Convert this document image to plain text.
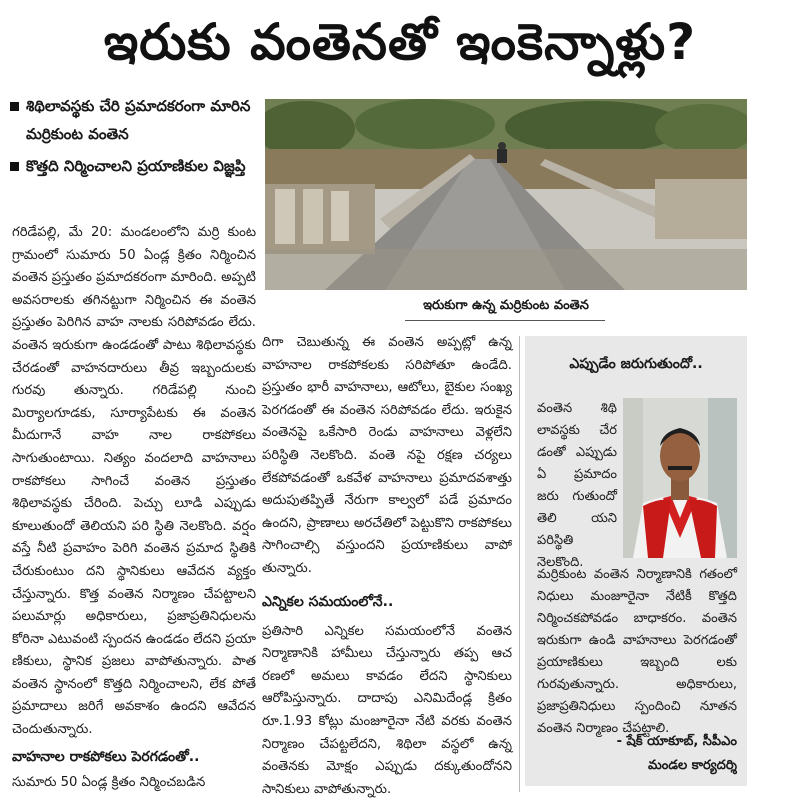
ఇరుకు వంతెనతో ఇంకెన్నాళ్లు?
శిథిలావస్థకు చేరి ప్రమాదకరంగా మారిన మర్రికుంట వంతెన
కొత్తది నిర్మించాలని ప్రయాణికుల విజ్ఞప్తి
ఇరుకుగా ఉన్న మర్రికుంట వంతెన
గరిడేపల్లి, మే 20: మండలంలోని మర్రి కుంట గ్రామంలో సుమారు 50 ఏండ్ల క్రితం నిర్మించిన వంతెన ప్రస్తుతం ప్రమాదకరంగా మారింది. అప్పటి అవసరాలకు తగినట్టుగా నిర్మించిన ఈ వంతెన ప్రస్తుతం పెరిగిన వాహ నాలకు సరిపోవడం లేదు. వంతెన ఇరుకుగా ఉండడంతో పాటు శిథిలావస్థకు చేరడంతో వాహనదారులు తీవ్ర ఇబ్బందులకు గురవు తున్నారు. గరిడేపల్లి నుంచి మిర్యాలగూడకు, సూర్యాపేటకు ఈ వంతెన మీదుగానే వాహ నాల రాకపోకలు సాగుతుంటాయి. నిత్యం వందలాది వాహనాలు రాకపోకలు సాగించే వంతెన ప్రస్తుతం శిథిలావస్థకు చేరింది. పెచ్చు లూడి ఎప్పుడు కూలుతుందో తెలియని పరి స్థితి నెలకొంది. వర్షం వస్తే నీటి ప్రవాహం పెరిగి వంతెన ప్రమాద స్థితికి చేరుకుంటుం దని స్థానికులు ఆవేదన వ్యక్తం చేస్తున్నారు. కొత్త వంతెన నిర్మాణం చేపట్టాలని పలుమార్లు అధికారులు, ప్రజాప్రతినిధులను కోరినా ఎటువంటి స్పందన ఉండడం లేదని ప్రయా ణికులు, స్థానిక ప్రజలు వాపోతున్నారు. పాత వంతెన స్థానంలో కొత్తది నిర్మించాలని, లేక పోతే ప్రమాదాలు జరిగే అవకాశం ఉందని ఆవేదన చెందుతున్నారు.
వాహనాల రాకపోకలు పెరగడంతో..
సుమారు 50 ఏండ్ల క్రితం నిర్మించబడిన
దిగా చెబుతున్న ఈ వంతెన అప్పట్లో ఉన్న వాహనాల రాకపోకలకు సరిపోతూ ఉండేది. ప్రస్తుతం భారీ వాహనాలు, ఆటోలు, బైకుల సంఖ్య పెరగడంతో ఈ వంతెన సరిపోవడం లేదు. ఇరుకైన వంతెనపై ఒకేసారి రెండు వాహనాలు వెళ్లలేని పరిస్థితి నెలకొంది. వంతె నపై రక్షణ చర్యలు లేకపోవడంతో ఒకవేళ వాహనాలు ప్రమాదవశాత్తు అదుపుతప్పితే నేరుగా కాల్వలో పడే ప్రమాదం ఉందని, ప్రాణాలు అరచేతిలో పెట్టుకొని రాకపోకలు సాగించాల్సి వస్తుందని ప్రయాణికులు వాపో తున్నారు.
ఎన్నికల సమయంలోనే..
ప్రతిసారి ఎన్నికల సమయంలోనే వంతెన నిర్మాణానికి హామీలు చేస్తున్నారు తప్ప ఆచ రణలో అమలు కావడం లేదని స్థానికులు ఆరోపిస్తున్నారు. దాదాపు ఎనిమిదేండ్ల క్రితం రూ.1.93 కోట్లు మంజూరైనా నేటి వరకు వంతెన నిర్మాణం చేపట్టలేదని, శిథిలా వస్థలో ఉన్న వంతెనకు మోక్షం ఎప్పుడు దక్కుతుందోనని సానికులు వాపోతున్నారు.
ఎప్పుడేం జరుగుతుందో..
వంతెన శిథి లావస్థకు చేర డంతో ఎప్పుడు ఏ ప్రమాదం జరు గుతుందో తెలి యని పరిస్థితి నెలకొంది.
మర్రికుంట వంతెన నిర్మాణానికి గతంలో నిధులు మంజూరైనా నేటికీ కొత్తది నిర్మించకపోవడం బాధాకరం. వంతెన ఇరుకుగా ఉండి వాహనాలు పెరగడంతో ప్రయాణికులు ఇబ్బంది లకు గురవుతున్నారు. అధికారులు, ప్రజాప్రతినిధులు స్పందించి నూతన వంతెన నిర్మాణం చేపట్టాలి.
- షేక్ యాకూబ్, సీపీఎం
మండల కార్యదర్శి
